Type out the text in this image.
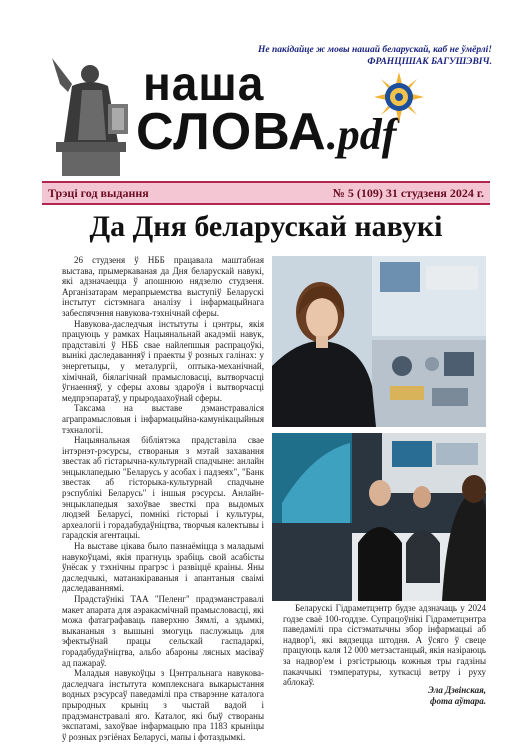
Не пакідайце ж мовы нашай беларускай, каб не ўмёрлі!
ФРАНЦІШАК БАГУШЭВІЧ.
наша
СЛОВА.pdf
Трэці год выдання	№ 5 (109) 31 студзеня 2024 г.
Да Дня беларускай навукі

26 студзеня ў НББ працавала маштабная выстава, прымеркаваная да Дня беларускай навукі, які адзначаецца ў апошнюю нядзелю студзеня. Арганізатарам мерапрыемства выступіў Беларускі інстытут сістэмнага аналізу і інфармацыйнага забеспячэння навукова-тэхнічнай сферы.

Навукова-даследчыя інстытуты і цэнтры, якія працуюць у рамках Нацыянальнай акадэміі навук, прадставілі ў НББ свае найлепшыя распрацоўкі, вынікі даследаванняў і праекты ў розных галінах: у энергетыцы, у металургіі, оптыка-механічнай, хімічнай, біялагічнай прамысловасці, вытворчасці ўгнаенняў, у сферы аховы здароўя і вытворчасці медпрэпаратаў, у прыродаахоўнай сферы.

Таксама на выставе дэманстраваліся аграпрамысловыя і інфармацыйна-камунікацыйныя тэхналогіі.

Нацыянальная бібліятэка прадставіла свае інтэрнэт-рэсурсы, створаныя з мэтай захавання звестак аб гістарычна-культурнай спадчыне: анлайн энцыклапедыю "Беларусь у асобах і падзеях", "Банк звестак аб гісторыка-культурнай спадчыне рэспублікі Беларусь" і іншыя рэсурсы. Анлайн-энцыклапедыя захоўвае звесткі пра выдомых людзей Беларусі, помнікі гісторыі і культуры, археалогіі і горадабудаўніцтва, творчыя калектывы і гарадскія агентацыі.

На выставе цікава было пазнаёміцца з маладымі навукоўцамі, якія прагнуць зрабіць свой асабісты ўнёсак у тэхнічны прагрэс і развіццё краіны. Яны даследчыкі, матанакіраваныя і апантаныя сваімі даследаваннямі.

Прадстаўнікі ТАА "Пеленг" прадэманстравалі макет апарата для аэракасмічнай прамысловасці, які можа фатаграфаваць паверхню Зямлі, а здымкі, выкананыя з вышыні змогуць паслужыць для эфектыўнай працы сельскай гаспадаркі, горадабудаўніцтва, альбо абароны лясных масіваў ад пажараў.

Маладыя навукоўцы з Цэнтральнага навукова-даследчага інстытута комплекснага выкарыстання водных рэсурсаў паведамілі пра стварэнне каталога прыродных крыніц з чыстай вадой і прадэманстравалі яго. Каталог, які быў створаны экспатамі, захоўвае інфармацыю пра 1183 крыніцы ў розных рэгіёнах Беларусі, мапы і фотаздымкі.

Беларускі Гідраметцэнтр будзе адзначаць у 2024 годзе сваё 100-годдзе. Супрацоўнікі Гідраметцэнтра паведамілі пра сістэматычны збор інфармацыі аб надвор'і, які вядзецца штодня. А ўсяго ў свеце працуюць каля 12 000 метэастанцый, якія назіраюць за надвор'ем і рэгістрыюць кожныя тры гадзіны пакаччыкі тэмпературы, хуткасці ветру і руху аблокаў.
Эла Дзвінская,
фота аўтара.
